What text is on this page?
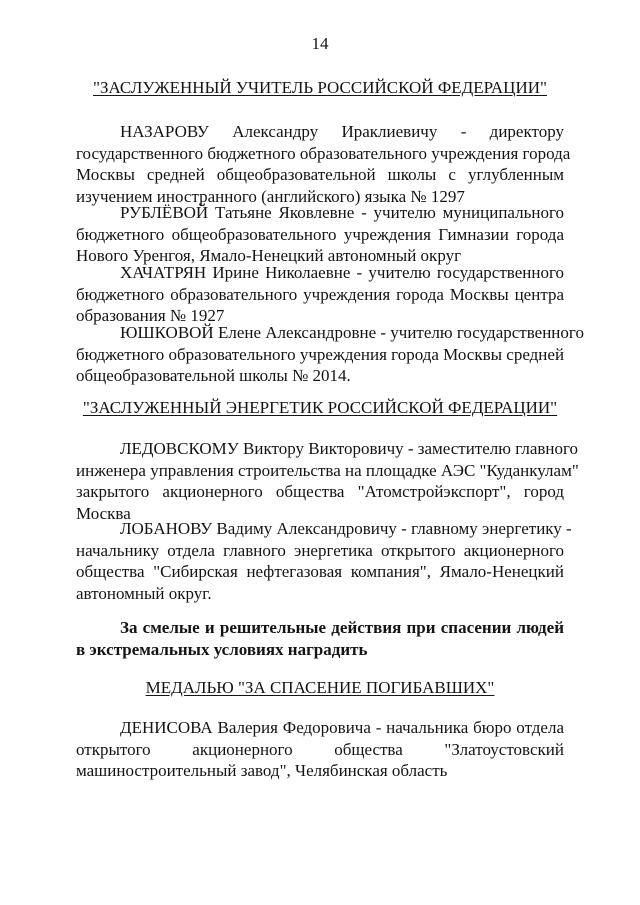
14
"ЗАСЛУЖЕННЫЙ УЧИТЕЛЬ РОССИЙСКОЙ ФЕДЕРАЦИИ"
НАЗАРОВУ Александру Ираклиевичу - директору
государственного бюджетного образовательного учреждения города
Москвы средней общеобразовательной школы с углубленным
изучением иностранного (английского) языка № 1297
РУБЛЁВОЙ Татьяне Яковлевне - учителю муниципального
бюджетного общеобразовательного учреждения Гимназии города
Нового Уренгоя, Ямало-Ненецкий автономный округ
ХАЧАТРЯН Ирине Николаевне - учителю государственного
бюджетного образовательного учреждения города Москвы центра
образования № 1927
ЮШКОВОЙ Елене Александровне - учителю государственного
бюджетного образовательного учреждения города Москвы средней
общеобразовательной школы № 2014.
"ЗАСЛУЖЕННЫЙ ЭНЕРГЕТИК РОССИЙСКОЙ ФЕДЕРАЦИИ"
ЛЕДОВСКОМУ Виктору Викторовичу - заместителю главного
инженера управления строительства на площадке АЭС "Куданкулам"
закрытого акционерного общества "Атомстройэкспорт", город
Москва
ЛОБАНОВУ Вадиму Александровичу - главному энергетику -
начальнику отдела главного энергетика открытого акционерного
общества "Сибирская нефтегазовая компания", Ямало-Ненецкий
автономный округ.
За смелые и решительные действия при спасении людей
в экстремальных условиях наградить
МЕДАЛЬЮ "ЗА СПАСЕНИЕ ПОГИБАВШИХ"
ДЕНИСОВА Валерия Федоровича - начальника бюро отдела
открытого акционерного общества "Златоустовский
машиностроительный завод", Челябинская область
